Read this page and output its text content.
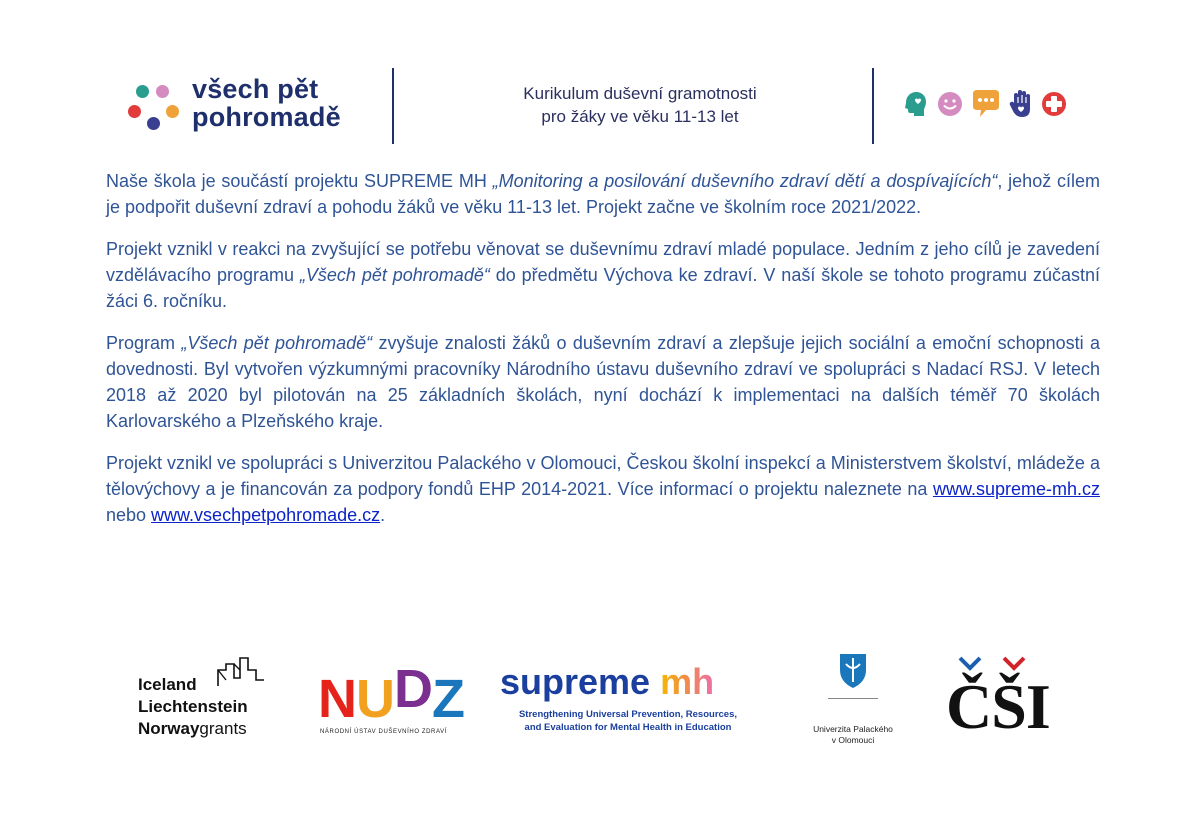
všech pět
pohromadě
Kurikulum duševní gramotnosti
pro žáky ve věku 11-13 let

Naše škola je součástí projektu SUPREME MH „Monitoring a posilování duševního zdraví dětí a dospívajících“, jehož cílem je podpořit duševní zdraví a pohodu žáků ve věku 11-13 let. Projekt začne ve školním roce 2021/2022.

Projekt vznikl v reakci na zvyšující se potřebu věnovat se duševnímu zdraví mladé populace. Jedním z jeho cílů je zavedení vzdělávacího programu „Všech pět pohromadě“ do předmětu Výchova ke zdraví. V naší škole se tohoto programu zúčastní žáci 6. ročníku.

Program „Všech pět pohromadě“ zvyšuje znalosti žáků o duševním zdraví a zlepšuje jejich sociální a emoční schopnosti a dovednosti. Byl vytvořen výzkumnými pracovníky Národního ústavu duševního zdraví ve spolupráci s Nadací RSJ. V letech 2018 až 2020 byl pilotován na 25 základních školách, nyní dochází k implementaci na dalších téměř 70 školách Karlovarského a Plzeňského kraje.

Projekt vznikl ve spolupráci s Univerzitou Palackého v Olomouci, Českou školní inspekcí a Ministerstvem školství, mládeže a tělovýchovy a je financován za podpory fondů EHP 2014-2021. Více informací o projektu naleznete na www.supreme-mh.cz nebo www.vsechpetpohromade.cz.

Iceland
Liechtenstein
Norwaygrants NUDZ
NÁRODNÍ ÚSTAV DUŠEVNÍHO ZDRAVÍ
supreme mh
Strengthening Universal Prevention, Resources,
and Evaluation for Mental Health in Education	Univerzita Palackého
v Olomouci	ČŠI
